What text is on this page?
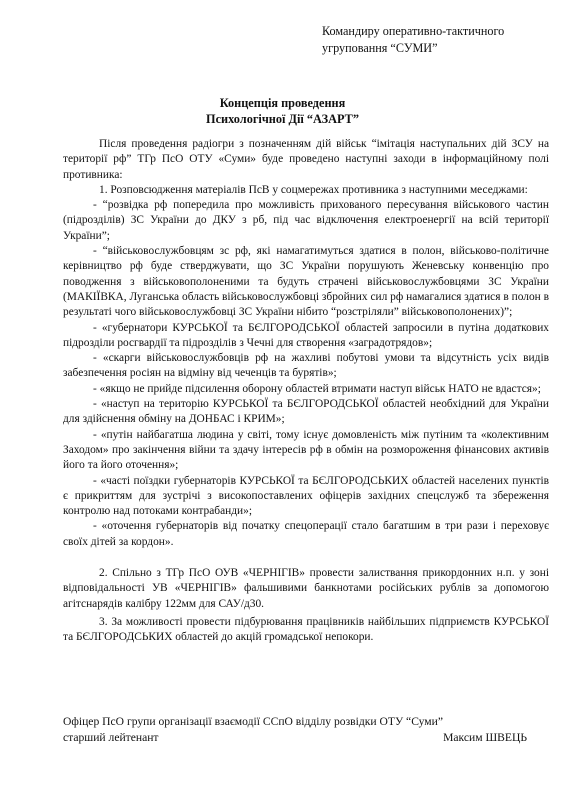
Командиру оперативно-тактичного
угруповання “СУМИ”
Концепція проведення
Психологічної Дії “АЗАРТ”

Після проведення радіогри з позначенням дій військ “імітація наступальних дій ЗСУ на території рф” ТГр ПсО ОТУ «Суми» буде проведено наступні заходи в інформаційному полі противника:

1. Розповсюдження матеріалів ПсВ у соцмережах противника з наступними меседжами:

- “розвідка рф попередила про можливість прихованого пересування військового частин (підрозділів) ЗС України до ДКУ з рб, під час відключення електроенергії на всій території України”;

- “військовослужбовцям зс рф, які намагатимуться здатися в полон, військово-політичне керівництво рф буде стверджувати, що ЗС України порушують Женевську конвенцію про поводження з військовополоненими та будуть страчені військовослужбовцями ЗС України (МАКІЇВКА, Луганська область військовослужбовці збройних сил рф намагалися здатися в полон в результаті чого військовослужбовці ЗС України нібито “розстріляли” військовополонених)”;

- «губернатори КУРСЬКОЇ та БЄЛГОРОДСЬКОЇ областей запросили в путіна додаткових підрозділи росгвардії та підрозділів з Чечні для створення «заградотрядов»;

- «скарги військовослужбовців рф на жахливі побутові умови та відсутність усіх видів забезпечення росіян на відміну від чеченців та бурятів»;

- «якщо не прийде підсилення оборону областей втримати наступ військ НАТО не вдастся»;

- «наступ на територію КУРСЬКОЇ та БЄЛГОРОДСЬКОЇ областей необхідний для України для здійснення обміну на ДОНБАС і КРИМ»;

- «путін найбагатша людина у світі, тому існує домовленість між путіним та «колективним Заходом» про закінчення війни та здачу інтересів рф в обмін на розмороження фінансових активів його та його оточення»;

- «часті поїздки губернаторів КУРСЬКОЇ та БЄЛГОРОДСЬКИХ областей населених пунктів є прикриттям для зустрічі з високопоставлених офіцерів західних спецслужб та збереження контролю над потоками контрабанди»;

- «оточення губернаторів від початку спецоперації стало багатшим в три рази і переховує своїх дітей за кордон».

2. Спільно з ТГр ПсО ОУВ «ЧЕРНІГІВ» провести залиствання прикордонних н.п. у зоні відповідальності УВ «ЧЕРНІГІВ» фальшивими банкнотами російських рублів за допомогою агітснарядів калібру 122мм для САУ/д30.

3. За можливості провести підбурювання працівників найбільших підприємств КУРСЬКОЇ та БЄЛГОРОДСЬКИХ областей до акцій громадської непокори.

Офіцер ПсО групи організації взаємодії ССпО відділу розвідки ОТУ “Суми”
старший лейтенант	Максим ШВЕЦЬ
